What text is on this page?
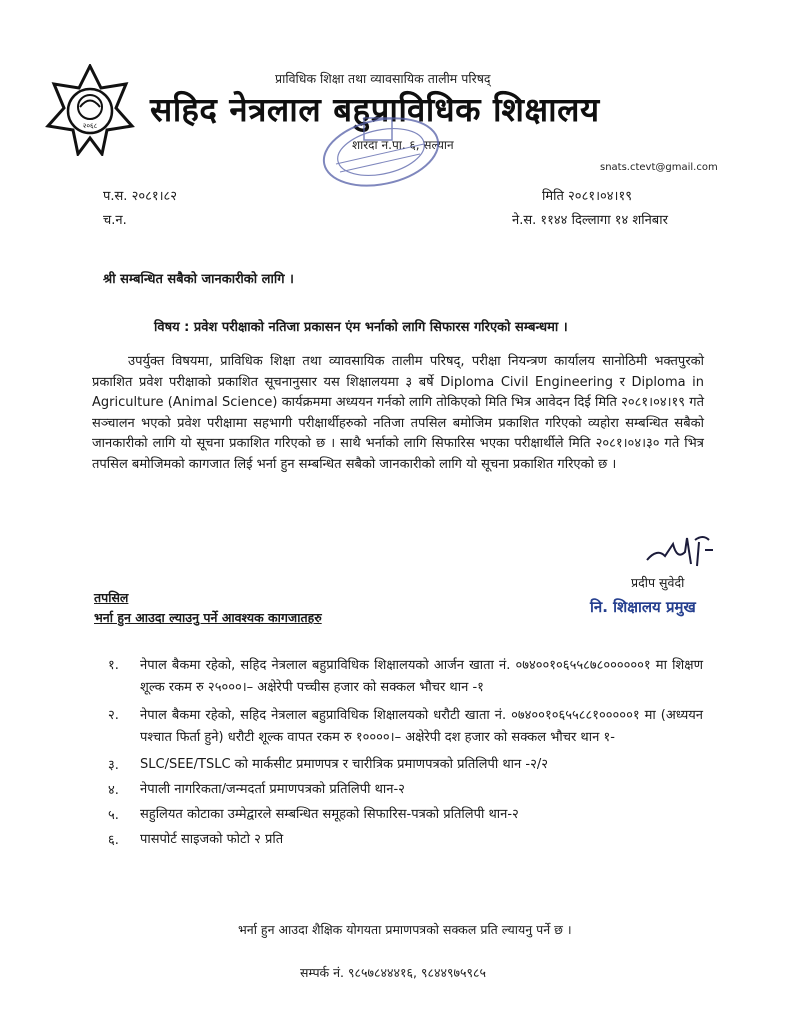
२०६८
प्राविधिक शिक्षा तथा व्यावसायिक तालीम परिषद्
सहिद नेत्रलाल बहुप्राविधिक शिक्षालय
शारदा न.पा. ६, सल्यान
snats.ctevt@gmail.com
प.स. २०८१।८२
च.न.
मिति २०८१।०४।१९
ने.स. ११४४ दिल्लागा १४ शनिबार
श्री सम्बन्धित सबैको जानकारीको लागि ।
विषय : प्रवेश परीक्षाको नतिजा प्रकासन एंम भर्नाको लागि सिफारस गरिएको सम्बन्धमा ।
उपर्युक्त विषयमा, प्राविधिक शिक्षा तथा व्यावसायिक तालीम परिषद्, परीक्षा नियन्त्रण कार्यालय सानोठिमी भक्तपुरको प्रकाशित प्रवेश परीक्षाको प्रकाशित सूचनानुसार यस शिक्षालयमा ३ बर्षे Diploma Civil Engineering र Diploma in Agriculture (Animal Science) कार्यक्रममा अध्ययन गर्नको लागि तोकिएको मिति भित्र आवेदन दिई मिति २०८१।०४।१९ गते सञ्चालन भएको प्रवेश परीक्षामा सहभागी परीक्षार्थीहरुको नतिजा तपसिल बमोजिम प्रकाशित गरिएको व्यहोरा सम्बन्धित सबैको जानकारीको लागि यो सूचना प्रकाशित गरिएको छ । साथै भर्नाको लागि सिफारिस भएका परीक्षार्थीले मिति २०८१।०४।३० गते भित्र तपसिल बमोजिमको कागजात लिई भर्ना हुन सम्बन्धित सबैको जानकारीको लागि यो सूचना प्रकाशित गरिएको छ ।
प्रदीप सुवेदी
नि. शिक्षालय प्रमुख
तपसिल
भर्ना हुन आउदा ल्याउनु पर्ने आवश्यक कागजातहरु
१.	नेपाल बैकमा रहेको, सहिद नेत्रलाल बहुप्राविधिक शिक्षालयको आर्जन खाता नं. ०७४००१०६५५८७८००००००१ मा शिक्षण शूल्क रकम रु २५०००।– अक्षेरेपी पच्चीस हजार को सक्कल भौचर थान -१
२.	नेपाल बैकमा रहेको, सहिद नेत्रलाल बहुप्राविधिक शिक्षालयको धरौटी खाता नं. ०७४००१०६५५८८१०००००१ मा (अध्ययन पश्चात फिर्ता हुने) धरौटी शूल्क वापत रकम रु १००००।– अक्षेरेपी दश हजार को सक्कल भौचर थान १-
३.	SLC/SEE/TSLC को मार्कसीट प्रमाणपत्र र चारीत्रिक प्रमाणपत्रको प्रतिलिपी थान -२/२
४.	नेपाली नागरिकता/जन्मदर्ता प्रमाणपत्रको प्रतिलिपी थान-२
५.	सहुलियत कोटाका उम्मेद्वारले सम्बन्धित समूहको सिफारिस-पत्रको प्रतिलिपी थान-२
६.	पासपोर्ट साइजको फोटो २ प्रति
भर्ना हुन आउदा शैक्षिक योगयता प्रमाणपत्रको सक्कल प्रति ल्यायनु पर्ने छ ।
सम्पर्क नं. ९८५७८४४४१६, ९८४४९७५९८५
